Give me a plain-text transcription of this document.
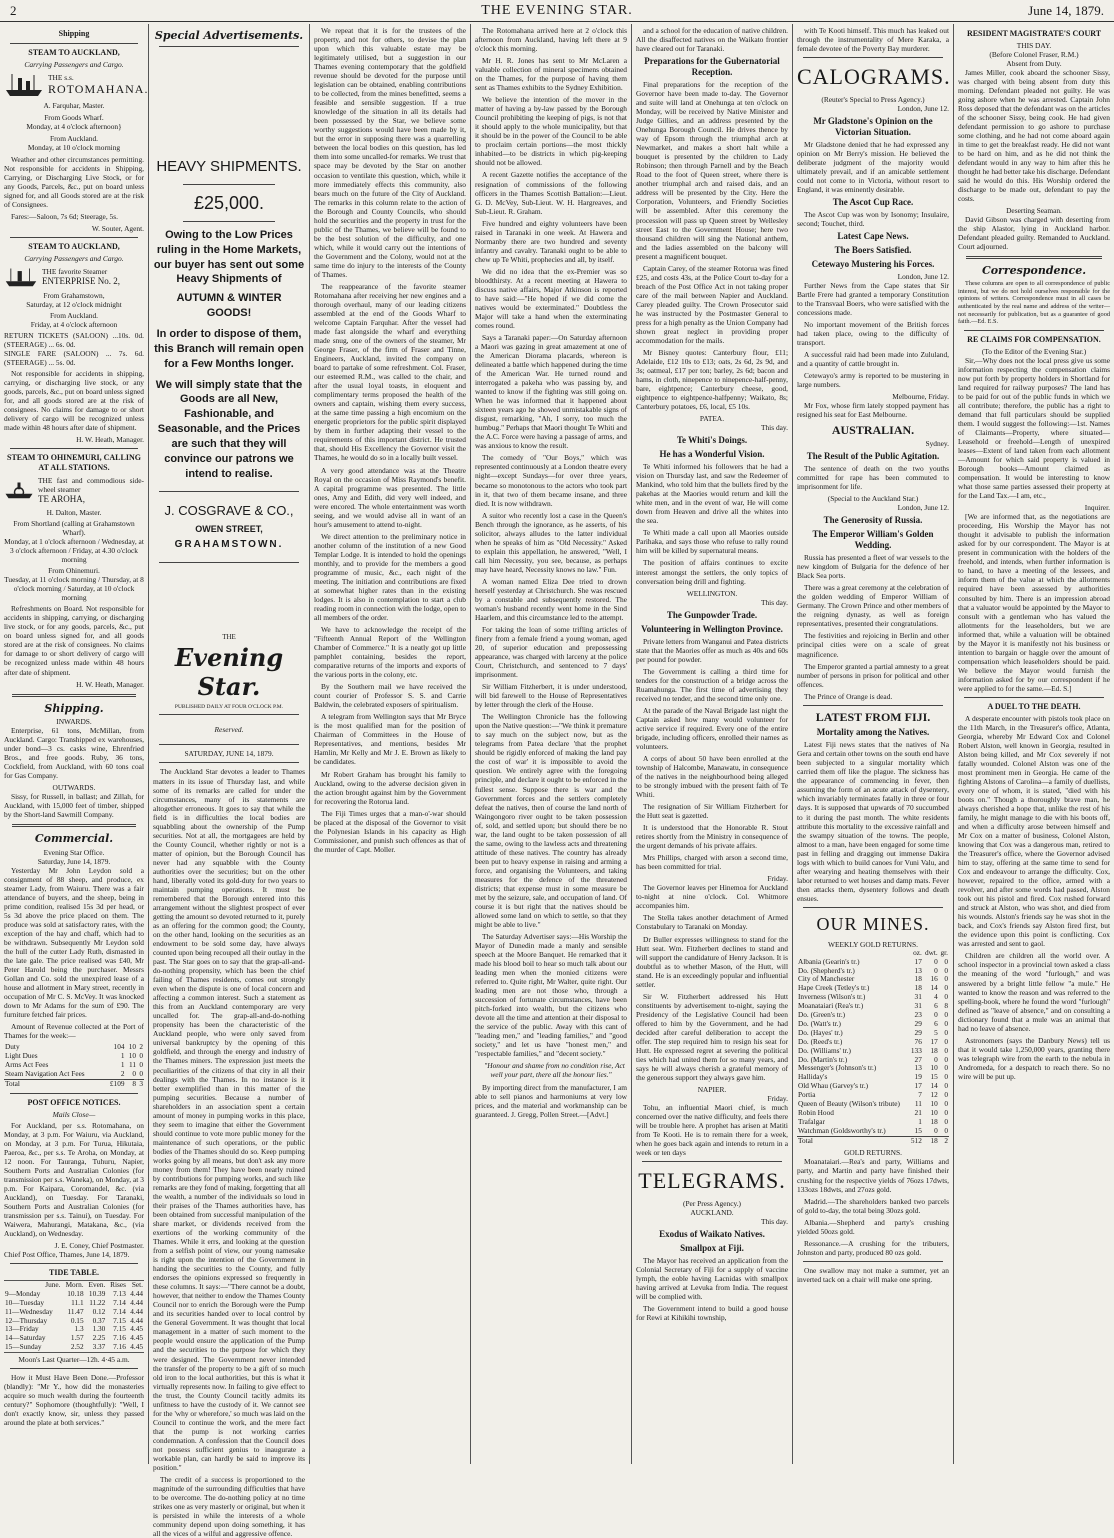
2	THE EVENING STAR.	June 14, 1879.
Shipping
STEAM TO AUCKLAND,
Carrying Passengers and Cargo.
THE s.s.
ROTOMAHANA.
A. Farquhar, Master.
From Goods Wharf.
Monday, at 4 o'clock afternoon}
From Auckland.
Monday, at 10 o'clock morning

Weather and other circumstances permitting. Not responsible for accidents in Shipping, Carrying, or Discharging Live Stock, or for any Goods, Parcels, &c., put on board unless signed for, and all Goods stored are at the risk of Consignees.

Fares:—Saloon, 7s 6d; Steerage, 5s.

W. Souter, Agent.
STEAM TO AUCKLAND,
Carrying Passengers and Cargo.
THE favorite Steamer
ENTERPRISE No. 2,
From Grahamstown,
Saturday, at 12 o'clock midnight
From Auckland.
Friday, at 4 o'clock afternoon
RETURN TICKETS (SALOON) ...10s. 0d. (STEERAGE) ... 6s. 0d.
SINGLE FARE (SALOON) ... 7s. 6d. (STEERAGE) ... 5s. 0d.

Not responsible for accidents in shipping, carrying, or discharging live stock, or any goods, parcels, &c., put on board unless signed for, and all goods stored are at the risk of consignees. No claims for damage to or short delivery of cargo will be recognized unless made within 48 hours after date of shipment.

H. W. Heath, Manager.
STEAM TO OHINEMURI, CALLING AT ALL STATIONS.
THE fast and commodious side-wheel steamer
TE AROHA,
H. Dalton, Master.
From Shortland (calling at Grahamstown Wharf).
Monday, at 1 o'clock afternoon / Wednesday, at 3 o'clock afternoon / Friday, at 4.30 o'clock morning
From Ohinemuri.
Tuesday, at 11 o'clock morning / Thursday, at 8 o'clock morning / Saturday, at 10 o'clock morning

Refreshments on Board. Not responsible for accidents in shipping, carrying, or discharging live stock, or for any goods, parcels, &c., put on board unless signed for, and all goods stored are at the risk of consignees. No claims for damage to or short delivery of cargo will be recognized unless made within 48 hours after date of shipment.

H. W. Heath, Manager.
Shipping.
INWARDS.

Enterprise, 61 tons, McMillan, from Auckland. Cargo: Transhipped ex warehouses, under bond—3 cs. casks wine, Ehrenfried Bros., and free goods. Ruby, 36 tons, Cockfield, from Auckland, with 60 tons coal for Gas Company.

OUTWARDS.

Sissy, for Russell, in ballast; and Zillah, for Auckland, with 15,000 feet of timber, shipped by the Short-land Sawmill Company.

Commercial.
Evening Star Office.
Saturday, June 14, 1879.

Yesterday Mr John Leydon sold a consignment of 88 sheep, and produce, ex steamer Lady, from Waiuru. There was a fair attendance of buyers, and the sheep, being in prime condition, realised 15s 3d per head, or 5s 3d above the price placed on them. The produce was sold at satisfactory rates, with the exception of the hay and chaff, which had to be withdrawn. Subsequently Mr Leydon sold the hull of the cutter Lady Ruth, dismasted in the late gale. The price realised was £40, Mr Peter Harold being the purchaser. Messrs Gollan and Co. sold the unexpired lease of a house and allotment in Mary street, recently in occupation of Mr C. S. McVey. It was knocked down to Mr Adams for the sum of £90. The furniture fetched fair prices.

Amount of Revenue collected at the Port of Thames for the week:—

Duty	104	10	2
Light Dues	1	10	0
Arms Act Fees	1	11	0
Steam Navigation Act Fees	2	0	0
Total	£109	8	3
POST OFFICE NOTICES.
Mails Close—

For Auckland, per s.s. Rotomahana, on Monday, at 3 p.m. For Waiuru, via Auckland, on Monday, at 3 p.m. For Turua, Hikutaia, Paeroa, &c., per s.s. Te Aroha, on Monday, at 12 noon. For Tauranga, Tuhuru, Napier, Southern Ports and Australian Colonies (for transmission per s.s. Waneka), on Monday, at 3 p.m. For Kaipara, Coromandel, &c. (via Auckland), on Tuesday. For Taranaki, Southern Ports and Australian Colonies (for transmission per s.s. Tainui), on Tuesday. For Waiwera, Mahurangi, Matakana, &c., (via Auckland), on Wednesday.

J. E. Coney, Chief Postmaster.
Chief Post Office, Thames, June 14, 1879.
TIDE TABLE.
June.	Morn.	Even.	Rises	Set.
9—Monday	10.18	10.39	7.13	4.44
10—Tuesday	11.1	11.22	7.14	4.44
11—Wednesday	11.47	0.12	7.14	4.44
12—Thursday	0.15	0.37	7.15	4.44
13—Friday	1.3	1.30	7.15	4.45
14—Saturday	1.57	2.25	7.16	4.45
15—Sunday	2.52	3.37	7.16	4.45
Moon's Last Quarter—12h. 4·45 a.m.

How it Must Have Been Done.—Professor (blandly): "Mr Y., how did the monasteries acquire so much wealth during the fourteenth century?" Sophomore (thoughtfully): "Well, I don't exactly know, sir, unless they passed around the plate at both services."

Special Advertisements.

HEAVY SHIPMENTS.

£25,000.

Owing to the Low Prices ruling in the Home Markets, our buyer has sent out some Heavy Shipments of

AUTUMN & WINTER GOODS!

In order to dispose of them, this Branch will remain open for a Few Months longer.

We will simply state that the Goods are all New, Fashionable, and Seasonable, and the Prices are such that they will convince our patrons we intend to realise.

J. COSGRAVE & CO.,

OWEN STREET,

GRAHAMSTOWN.

THE
Evening Star.
PUBLISHED DAILY AT FOUR O'CLOCK P.M.
Reserved.
SATURDAY, JUNE 14, 1879.

The Auckland Star devotes a leader to Thames matters in its issue of Thursday last, and while some of its remarks are called for under the circumstances, many of its statements are altogether erroneous. It goes to say that while the field is in difficulties the local bodies are squabbling about the ownership of the Pump securities. Not at all, the mortgagees are held by the County Council, whether rightly or not is a matter of opinion, but the Borough Council has never had any squabble with the County authorities over the securities; but on the other hand, liberally voted its gold-duty for two years to maintain pumping operations. It must be remembered that the Borough entered into this arrangement without the slightest prospect of ever getting the amount so devoted returned to it, purely as an offering for the common good; the County, on the other hand, looking on the securities as an endowment to be sold some day, have always counted upon being recouped all their outlay in the past. The Star goes on to say that the grap-all-and-do-nothing propensity, which has been the chief failing of Thames residents, comes out strongly even when the dispute is one of local concern and affecting a common interest. Such a statement as this from an Auckland contemporary are very uncalled for. The grap-all-and-do-nothing propensity has been the characteristic of the Auckland people, who were only saved from universal bankruptcy by the opening of this goldfield, and through the energy and industry of the Thames miners. The expression just meets the peculiarities of the citizens of that city in all their dealings with the Thames. In no instance is it better exemplified than in this matter of the pumping securities. Because a number of shareholders in an association spent a certain amount of money in pumping works in this place, they seem to imagine that either the Government should continue to vote more public money for the maintenance of such operations, or the public bodies of the Thames should do so. Keep pumping works going by all means, but don't ask any more money from them! They have been nearly ruined by contributions for pumping works, and such like remarks are they fond of making, forgetting that all the wealth, a number of the individuals so loud in their praises of the Thames authorities have, has been obtained from successful manipulation of the share market, or dividends received from the exertions of the working community of the Thames. While it errs, and looking at the question from a selfish point of view, our young namesake is right upon the intention of the Government in handing the securities to the County, and fully endorses the opinions expressed so frequently in these columns. It says:—"There cannot be a doubt, however, that neither to endow the Thames County Council nor to enrich the Borough were the Pump and its securities handed over to local control by the General Government. It was thought that local management in a matter of such moment to the people would ensure the application of the Pump and the securities to the purpose for which they were designed. The Government never intended the transfer of the property to be a gift of so much old iron to the local authorities, but this is what it virtually represents now. In failing to give effect to the trust, the County Council tacitly admits its unfitness to have the custody of it. We cannot see for the 'why or wherefore,' so much was laid on the Council to continue the work, and the mere fact that the pump is not working carries condemnation. A confession that the Council does not possess sufficient genius to inaugurate a workable plan, can hardly be said to improve its position."

The credit of a success is proportioned to the magnitude of the surrounding difficulties that have to be overcome. The do-nothing policy at no time strikes one as very masterly or original, but when it is persisted in while the interests of a whole community depend upon doing something, it has all the vices of a wilful and aggressive offence.

We repeat that it is for the trustees of the property, and not for others, to devise the plan upon which this valuable estate may be legitimately utilised, but a suggestion in our Thames evening contemporary that the goldfield revenue should be devoted for the purpose until legislation can be obtained, enabling contributions to be collected, from the mines benefitted, seems a feasible and sensible suggestion. If a true knowledge of the situation in all its details had been possessed by the Star, we believe some worthy suggestions would have been made by it, but the error in supposing there was a quarrelling between the local bodies on this question, has led them into some uncalled-for remarks. We trust that space may be devoted by the Star on another occasion to ventilate this question, which, while it more immediately effects this community, also bears much on the future of the City of Auckland. The remarks in this column relate to the action of the Borough and County Councils, who should hold the securities and the property in trust for the public of the Thames, we believe will be found to be the best solution of the difficulty, and one which, while it would carry out the intentions of the Government and the Colony, would not at the same time do injury to the interests of the County of Thames.

The reappearance of the favorite steamer Rotomahana after receiving her new engines and a thorough overhaul, many of our leading citizens assembled at the end of the Goods Wharf to welcome Captain Farquhar. After the vessel had made fast alongside the wharf and everything made snug, one of the owners of the steamer, Mr George Fraser, of the firm of Fraser and Tinne, Engineers, Auckland, invited the company on board to partake of some refreshment. Col. Fraser, our esteemed R.M., was called to the chair, and after the usual loyal toasts, in eloquent and complimentary terms proposed the health of the owners and captain, wishing them every success, at the same time passing a high encomium on the energetic proprietors for the public spirit displayed by them in further adapting their vessel to the requirements of this important district. He trusted that, should His Excellency the Governor visit the Thames, he would do so in a locally built vessel.

A very good attendance was at the Theatre Royal on the occasion of Miss Raymond's benefit. A capital programme was presented. The little ones, Amy and Edith, did very well indeed, and were encored. The whole entertainment was worth seeing, and we would advise all in want of an hour's amusement to attend to-night.

We direct attention to the preliminary notice in another column of the institution of a new Good Templar Lodge. It is intended to hold the openings monthly, and to provide for the members a good programme of music, &c., each night of the meeting. The initiation and contributions are fixed at somewhat higher rates than in the existing lodges. It is also in contemplation to start a club reading room in connection with the lodge, open to all members of the order.

We have to acknowledge the receipt of the "Fifteenth Annual Report of the Wellington Chamber of Commerce." It is a neatly got up little pamphlet containing, besides the report, comparative returns of the imports and exports of the various ports in the colony, etc.

By the Southern mail we have received the count courier of Professor S. S. and Carrie Baldwin, the celebrated exposers of spiritualism.

A telegram from Wellington says that Mr Bryce is the most qualified man for the position of Chairman of Committees in the House of Representatives, and mentions, besides Mr Hamlin, Mr Kelly and Mr J. E. Brown as likely to be candidates.

Mr Robert Graham has brought his family to Auckland, owing to the adverse decision given in the action brought against him by the Government for recovering the Rotorua land.

The Fiji Times urges that a man-o'-war should be placed at the disposal of the Governor to visit the Polynesian Islands in his capacity as High Commissioner, and punish such offences as that of the murder of Capt. Moller.

The Rotomahana arrived here at 2 o'clock this afternoon from Auckland, having left there at 9 o'clock this morning.

Mr H. R. Jones has sent to Mr McLaren a valuable collection of mineral specimens obtained on the Thames, for the purpose of having them sent as Thames exhibits to the Sydney Exhibition.

We believe the intention of the mover in the matter of having a by-law passed by the Borough Council prohibiting the keeping of pigs, is not that it should apply to the whole municipality, but that it should be in the power of the Council to be able to proclaim certain portions—the most thickly inhabited—to be districts in which pig-keeping should not be allowed.

A recent Gazette notifies the acceptance of the resignation of commissions of the following officers in the Thames Scottish Battalion:—Lieut. G. D. McVey, Sub-Lieut. W. H. Hargreaves, and Sub-Lieut. R. Graham.

Five hundred and eighty volunteers have been raised in Taranaki in one week. At Hawera and Normanby there are two hundred and seventy infantry and cavalry. Taranaki ought to be able to chew up Te Whiti, prophecies and all, by itself.

We did no idea that the ex-Premier was so bloodthirsty. At a recent meeting at Hawera to discuss native affairs, Major Atkinson is reported to have said:—"He hoped if we did come the natives would be exterminated." Doubtless the Major will take a hand when the exterminating comes round.

Says a Taranaki paper:—On Saturday afternoon a Maori was gazing in great amazement at one of the American Diorama placards, whereon is delineated a battle which happened during the time of the American War. He turned round and interrogated a pakeha who was passing by, and wanted to know if the fighting was still going on. When he was informed that it happened about sixteen years ago he showed unmistakable signs of disgust, remarking, "Ah, I sorry, too much the humbug." Perhaps that Maori thought Te Whiti and the A.C. Force were having a passage of arms, and was anxious to know the result.

The comedy of "Our Boys," which was represented continuously at a London theatre every night—except Sundays—for over three years, became so monotonous to the actors who took part in it, that two of them became insane, and three died. It is now withdrawn.

A suitor who recently lost a case in the Queen's Bench through the ignorance, as he asserts, of his solicitor, always alludes to the latter individual when he speaks of him as "Old Necessity." Asked to explain this appellation, he answered, "Well, I call him Necessity, you see, because, as perhaps may have heard, Necessity knows no law." Fun.

A woman named Eliza Dee tried to drown herself yesterday at Christchurch. She was rescued by a constable and subsequently restored. The woman's husband recently went home in the Sind Haarlem, and this circumstance led to the attempt.

For taking the loan of some trifling articles of finery from a female friend a young woman, aged 20, of superior education and prepossessing appearance, was charged with larceny at the police Court, Christchurch, and sentenced to 7 days' imprisonment.

Sir William Fitzherbert, it is under understood, will bid farewell to the House of Representatives by letter through the clerk of the House.

The Wellington Chronicle has the following upon the Native question:—"We think it premature to say much on the subject now, but as the telegrams from Patea declare 'that the prophet should be rigidly enforced of making the land pay the cost of war' it is impossible to avoid the question. We entirely agree with the foregoing principle, and declare it ought to be enforced in the fullest sense. Suppose there is war and the Government forces and the settlers completely defeat the natives, then of course the land north of Waingongoro river ought to be taken possession of, sold, and settled upon; but should there be no war, the land ought to be taken possession of all the same, owing to the lawless acts and threatening attitude of these natives. The country has already been put to heavy expense in raising and arming a force, and organising the Volunteers, and taking measures for the defence of the threatened districts; that expense must in some measure be met by the seizure, sale, and occupation of land. Of course it is but right that the natives should be allowed some land on which to settle, so that they might be able to live."

The Saturday Advertiser says:—His Worship the Mayor of Dunedin made a manly and sensible speech at the Moore Banquet. He remarked that it made his blood boil to hear so much talk about our leading men when the monied citizens were referred to. Quite right, Mr Walter, quite right. Our leading men are not those who, through a succession of fortunate circumstances, have been pitch-forked into wealth, but the citizens who devote all the time and attention at their disposal to the service of the public. Away with this cant of "leading men," and "leading families," and "good society," and let us have "honest men," and "respectable families," and "decent society."

"Honour and shame from no condition rise, Act well your part, there all the honour lies."

By importing direct from the manufacturer, I am able to sell pianos and harmoniums at very low prices, and the material and workmanship can be guaranteed. J. Gregg, Pollen Street.—[Advt.]

and a school for the education of native children. All the disaffected natives on the Waikato frontier have cleared out for Taranaki.

Preparations for the Gubernatorial Reception.

Final preparations for the reception of the Governor have been made to-day. The Governor and suite will land at Onehunga at ten o'clock on Monday, will be received by Native Minister and Judge Gillies, and an address presented by the Onehunga Borough Council. He drives thence by way of Epsom through the triumphal arch at Newmarket, and makes a short halt while a bouquet is presented by the children to Lady Robinson; then through Parnell and by the Beach Road to the foot of Queen street, where there is another triumphal arch and raised dais, and an address will be presented by the City. Here the Corporation, Volunteers, and Friendly Societies will be assembled. After this ceremony the procession will pass up Queen street by Wellesley street East to the Government House; here two thousand children will sing the National anthem, and the ladies assembled on the balcony will present a magnificent bouquet.

Captain Carey, of the steamer Rotorua was fined £25, and costs 43s, at the Police Court to-day for a breach of the Post Office Act in not taking proper care of the mail between Napier and Auckland. Carey pleaded guilty. The Crown Prosecutor said he was instructed by the Postmaster General to press for a high penalty as the Union Company had shown great neglect in providing proper accommodation for the mails.

Mr Bisney quotes: Canterbury flour, £11; Adelaide, £12 10s to £13; oats, 2s 6d, 2s 9d, and 3s; oatmeal, £17 per ton; barley, 2s 6d; bacon and hams, in cloth, ninepence to ninepence-half-penny, bare, eightpence; Canterbury cheese, good, eightpence to eightpence-halfpenny; Waikato, 8s; Canterbury potatoes, £6, local, £5 10s.

PATEA.
This day.
Te Whiti's Doings.
He has a Wonderful Vision.

Te Whiti informed his followers that he had a vision on Thursday last, and saw the Redeemer of Mankind, who told him that the bullets fired by the pakehas at the Maories would return and kill the white men, and in the event of war, He will come down from Heaven and drive all the whites into the sea.

Te Whiti made a call upon all Maories outside Parihaka, and says those who refuse to rally round him will be killed by supernatural means.

The position of affairs continues to excite interest amongst the settlers, the only topics of conversation being drill and fighting.

WELLINGTON.
This day.
The Gunpowder Trade.
Volunteering in Wellington Province.

Private letters from Wanganui and Patea districts state that the Maories offer as much as 40s and 60s per pound for powder.

The Government is calling a third time for tenders for the construction of a bridge across the Ruamahunga. The first time of advertising they received no tender, and the second time only one.

At the parade of the Naval Brigade last night the Captain asked how many would volunteer for active service if required. Every one of the entire brigade, including officers, enrolled their names as volunteers.

A corps of about 50 have been enrolled at the township of Halcombe, Manawatu, in consequence of the natives in the neighbourhood being alleged to be strongly imbued with the present faith of Te Whiti.

The resignation of Sir William Fitzherbert for the Hutt seat is gazetted.

It is understood that the Honorable R. Stout retires shortly from the Ministry in consequence of the urgent demands of his private affairs.

Mrs Phillips, charged with arson a second time, has been committed for trial.

Friday.

The Governor leaves per Hinemoa for Auckland to-night at nine o'clock. Col. Whitmore accompanies him.

The Stella takes another detachment of Armed Constabulary to Taranaki on Monday.

Dr Buller expresses willingness to stand for the Hutt seat. Wm. Fitzherbert declines to stand and will support the candidature of Henry Jackson. It is doubtful as to whether Mason, of the Hutt, will stand. He is an exceedingly popular and influential settler.

Sir W. Fitzherbert addressed his Hutt constituents by advertisement to-night, saying the Presidency of the Legislative Council had been offered to him by the Government, and he had decided after careful deliberation to accept the offer. The step required him to resign his seat for Hutt. He expressed regret at severing the political ties which had united them for so many years, and says he will always cherish a grateful memory of the generous support they always gave him.

NAPIER.
Friday.

Tohu, an influential Maori chief, is much concerned over the native difficulty, and feels there will be trouble here. A prophet has arisen at Matiti from Te Kooti. He is to remain there for a week, when he goes back again and intends to return in a week or ten days

TELEGRAMS.
(Per Press Agency.)
AUCKLAND.
This day.
Exodus of Waikato Natives.
Smallpox at Fiji.

The Mayor has received an application from the Colonial Secretary of Fiji for a supply of vaccine lymph, the eoble having Lacnidas with smallpox having arrived at Levuka from India. The request will be complied with.

The Government intend to build a good house for Rewi at Kihikihi township,

with Te Kooti himself. This much has leaked out through the instrumentality of Mere Karaka, a female devotee of the Poverty Bay murderer.

CALOGRAMS.
(Reuter's Special to Press Agency.)
London, June 12.
Mr Gladstone's Opinion on the Victorian Situation.

Mr Gladstone denied that he had expressed any opinion on Mr Berry's mission. He believed the deliberate judgment of the majority would ultimately prevail, and if an amicable settlement could not come to in Victoria, without resort to England, it was eminently desirable.

The Ascot Cup Race.

The Ascot Cup was won by Isonomy; Insulaire, second; Touchet, third.

Latest Cape News.
The Boers Satisfied.
Cetewayo Mustering his Forces.
London, June 12.

Further News from the Cape states that Sir Bartle Frere had granted a temporary Constitution to the Transvaal Boers, who were satisfied with the concessions made.

No important movement of the British forces had taken place, owing to the difficulty of transport.

A successful raid had been made into Zululand, and a quantity of cattle brought in.

Cetewayo's army is reported to be mustering in large numbers.

Melbourne, Friday.

Mr Fox, whose firm lately stopped payment has resigned his seat for East Melbourne.

AUSTRALIAN.
Sydney.
The Result of the Public Agitation.

The sentence of death on the two youths committed for rape has been commuted to imprisonment for life.

(Special to the Auckland Star.)
London, June 12.
The Generosity of Russia.
The Emperor William's Golden Wedding.

Russia has presented a fleet of war vessels to the new kingdom of Bulgaria for the defence of her Black Sea ports.

There was a great ceremony at the celebration of the golden wedding of Emperor William of Germany. The Crown Prince and other members of the reigning dynasty, as well as foreign representatives, presented their congratulations.

The festivities and rejoicing in Berlin and other principal cities were on a scale of great magnificence.

The Emperor granted a partial amnesty to a great number of persons in prison for political and other offences.

The Prince of Orange is dead.

LATEST FROM FIJI.
Mortality among the Natives.

Latest Fiji news states that the natives of Na Gera and certain other towns on the south end have been subjected to a singular mortality which carried them off like the plague. The sickness has the appearance of commencing in fever, then assuming the form of an acute attack of dysentery, which invariably terminates fatally in three or four days. It is supposed that upwards of 70 succumbed to it during the past month. The white residents attribute this mortality to the excessive rainfall and the swampy situation of the towns. The people, almost to a man, have been engaged for some time past in felling and dragging out immense Dakira logs with which to build canoes for Vuni Valu, and after wearying and heating themselves with their labor returned to wet houses and damp mats. Fever then attacks them, dysentery follows and death ensues.

OUR MINES.
WEEKLY GOLD RETURNS.
	oz.	dwt.	gr.
Albania (Gearin's tr.)	17	0	0
Do. (Shepherd's tr.)	13	0	0
City of Manchester	18	16	0
Hape Creek (Tetley's tr.)	18	14	0
Inverness (Wilson's tr.)	31	4	0
Moanataiari (Rea's tr.)	31	6	8
Do. (Green's tr.)	23	0	0
Do. (Watt's tr.)	29	6	0
Do. (Hayes' tr.)	29	5	0
Do. (Reed's tr.)	76	17	0
Do. (Williams' tr.)	133	18	0
Do. (Martin's tr.)	27	0	0
Messenger's (Johnson's tr.)	13	10	0
Halliday's	19	15	0
Old Whau (Garvey's tr.)	17	14	0
Portia	7	12	0
Queen of Beauty (Wilson's tribute)	11	10	0
Robin Hood	21	10	0
Trafalgar	1	18	0
Watchman (Goldsworthy's tr.)	15	0	0
Total	512	18	2
GOLD RETURNS.

Moanataiari.—Rea's and party, Williams and party, and Martin and party have finished their crushing for the respective yields of 76ozs 17dwts, 133ozs 18dwts, and 27ozs gold.

Madrid.—The shareholders banked two parcels of gold to-day, the total being 30ozs gold.

Albania.—Shepherd and party's crushing yielded 50ozs gold.

Ressonance.—A crushing for the tributers, Johnston and party, produced 80 ozs gold.

One swallow may not make a summer, yet an inverted tack on a chair will make one spring.

RESIDENT MAGISTRATE'S COURT
THIS DAY.
(Before Colonel Fraser, R.M.)
Absent from Duty.

James Miller, cook aboard the schooner Sissy, was charged with being absent from duty this morning. Defendant pleaded not guilty. He was going ashore when he was arrested. Captain John Ross deposed that the defendant was on the articles of the schooner Sissy, being cook. He had given defendant permission to go ashore to purchase some clothing, and he had not come aboard again in time to get the breakfast ready. He did not want to be hard on him, and as he did not think the defendant would in any way to him after this he thought he had better take his discharge. Defendant said he would do this. His Worship ordered the discharge to be made out, defendant to pay the costs.

Deserting Seaman.

David Gibson was charged with deserting from the ship Alastor, lying in Auckland harbor. Defendant pleaded guilty. Remanded to Auckland. Court adjourned.

Correspondence.

These columns are open to all correspondence of public interest, but we do not hold ourselves responsible for the opinions of writers. Correspondence must in all cases be authenticated by the real name and address of the writer—not necessarily for publication, but as a guarantee of good faith.—Ed. E.S.

RE CLAIMS FOR COMPENSATION.
(To the Editor of the Evening Star.)

Sir,—Why does not the local press give us some information respecting the compensation claims now put forth by property holders in Shortland for land required for railway purposes? The land has to be paid for out of the public funds in which we all contribute; therefore, the public has a right to demand that full particulars should be supplied them. I would suggest the following:—1st. Names of Claimants—Property, where situated—Leasehold or freehold—Length of unexpired leases—Extent of land taken from each allotment—Amount for which said property is valued in Borough books—Amount claimed as compensation. It would be interesting to know what those same parties assessed their property at for the Land Tax.—I am, etc.,

Inquirer.

[We are informed that, as the negotiations are proceeding, His Worship the Mayor has not thought it advisable to publish the information asked for by our correspondent. The Mayor is at present in communication with the holders of the freehold, and intends, when further information is to hand, to have a meeting of the lessees, and inform them of the value at which the allotments required have been assessed by authorities consulted by him. There is an impression abroad that a valuator would be appointed by the Mayor to consult with a gentleman who has valued the allotments for the leaseholders, but we are informed that, while a valuation will be obtained by the Mayor it is manifestly not his business or intention to bargain or haggle over the amount of compensation which leaseholders should be paid. We believe the Mayor would furnish the information asked for by our correspondent if he were applied to for the same.—Ed. S.]

A DUEL TO THE DEATH.

A desperate encounter with pistols took place on the 11th March, in the Treasurer's office, Atlanta, Georgia, whereby Mr Edward Cox and Colonel Robert Alston, well known in Georgia, resulted in Alston being killed, and Mr Cox severely if not fatally wounded. Colonel Alston was one of the most prominent men in Georgia. He came of the fighting Alstons of Carolina—a family of duellists, every one of whom, it is stated, "died with his boots on." Though a thoroughly brave man, he always cherished a hope that, unlike the rest of his family, he might manage to die with his boots off, and when a difficulty arose between himself and Mr Cox on a matter of business, Colonel Alston, knowing that Cox was a dangerous man, retired to the Treasurer's office, where the Governor advised him to stay, offering at the same time to send for Cox and endeavour to arrange the difficulty. Cox, however, repaired to the office, armed with a revolver, and after some words had passed, Alston took out his pistol and fired. Cox rushed forward and struck at Alston, who was shot, and died from his wounds. Alston's friends say he was shot in the back, and Cox's friends say Alston fired first, but the evidence upon this point is conflicting. Cox was arrested and sent to gaol.

Children are children all the world over. A school inspector in a provincial town asked a class the meaning of the word "furlough," and was answered by a bright little fellow "a mule." He wanted to know the reason and was referred to the spelling-book, where he found the word "furlough" defined as "leave of absence," and on consulting a dictionary found that a mule was an animal that had no leave of absence.

Astronomers (says the Danbury News) tell us that it would take 1,250,000 years, granting there was telegraph wire from the earth to the nebula in Andromeda, for a despatch to reach there. So no wire will be put up.
